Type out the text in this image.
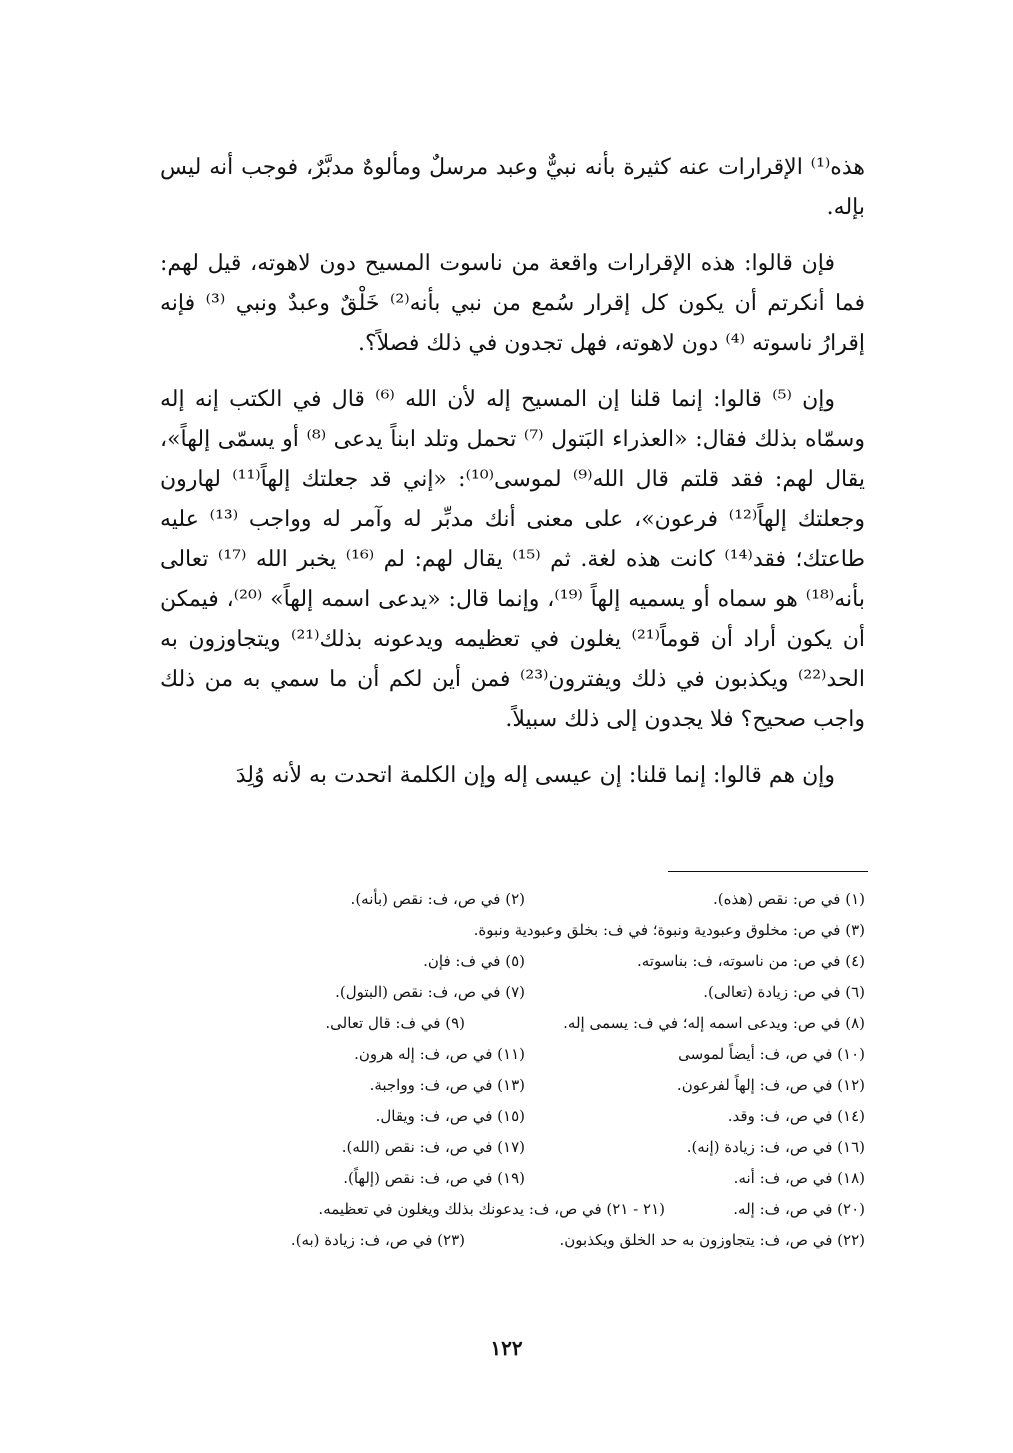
هذه⁽¹⁾ الإقرارات عنه كثيرة بأنه نبيٌّ وعبد مرسلٌ ومألوهٌ مدبَّرٌ، فوجب أنه ليس بإله.

فإن قالوا: هذه الإقرارات واقعة من ناسوت المسيح دون لاهوته، قيل لهم: فما أنكرتم أن يكون كل إقرار سُمع من نبي بأنه⁽²⁾ خَلْقٌ وعبدٌ ونبي ⁽³⁾ فإنه إقرارُ ناسوته ⁽⁴⁾ دون لاهوته، فهل تجدون في ذلك فصلاً؟.

وإن ⁽⁵⁾ قالوا: إنما قلنا إن المسيح إله لأن الله ⁽⁶⁾ قال في الكتب إنه إله وسمّاه بذلك فقال: «العذراء البَتول ⁽⁷⁾ تحمل وتلد ابناً يدعى ⁽⁸⁾ أو يسمّى إلهاً»، يقال لهم: فقد قلتم قال الله⁽⁹⁾ لموسى⁽¹⁰⁾: «إني قد جعلتك إلهاً⁽¹¹⁾ لهارون وجعلتك إلهاً⁽¹²⁾ فرعون»، على معنى أنك مدبِّر له وآمر له وواجب ⁽¹³⁾ عليه طاعتك؛ فقد⁽¹⁴⁾ كانت هذه لغة. ثم ⁽¹⁵⁾ يقال لهم: لم ⁽¹⁶⁾ يخبر الله ⁽¹⁷⁾ تعالى بأنه⁽¹⁸⁾ هو سماه أو يسميه إلهاً ⁽¹⁹⁾، وإنما قال: «يدعى اسمه إلهاً» ⁽²⁰⁾، فيمكن أن يكون أراد أن قوماً⁽²¹⁾ يغلون في تعظيمه ويدعونه بذلك⁽²¹⁾ ويتجاوزون به الحد⁽²²⁾ ويكذبون في ذلك ويفترون⁽²³⁾ فمن أين لكم أن ما سمي به من ذلك واجب صحيح؟ فلا يجدون إلى ذلك سبيلاً.

وإن هم قالوا: إنما قلنا: إن عيسى إله وإن الكلمة اتحدت به لأنه وُلِدَ

(١) في ص: نقص (هذه).
(٢) في ص، ف: نقص (بأنه).
(٣) في ص: مخلوق وعبودية ونبوة؛ في ف: بخلق وعبودية ونبوة.
(٤) في ص: من ناسوته، ف: بناسوته.
(٥) في ف: فإن.
(٦) في ص: زيادة (تعالى).
(٧) في ص، ف: نقص (البتول).
(٨) في ص: ويدعى اسمه إله؛ في ف: يسمى إله.
(٩) في ف: قال تعالى.
(١٠) في ص، ف: أيضاً لموسى
(١١) في ص، ف: إله هرون.
(١٢) في ص، ف: إلهاً لفرعون.
(١٣) في ص، ف: وواجبة.
(١٤) في ص، ف: وقد.
(١٥) في ص، ف: ويقال.
(١٦) في ص، ف: زيادة (إنه).
(١٧) في ص، ف: نقص (الله).
(١٨) في ص، ف: أنه.
(١٩) في ص، ف: نقص (إلهاً).
(٢٠) في ص، ف: إله.
(٢١ - ٢١) في ص، ف: يدعونك بذلك ويغلون في تعظيمه.
(٢٢) في ص، ف: يتجاوزون به حد الخلق ويكذبون.
(٢٣) في ص، ف: زيادة (به).
١٢٢
